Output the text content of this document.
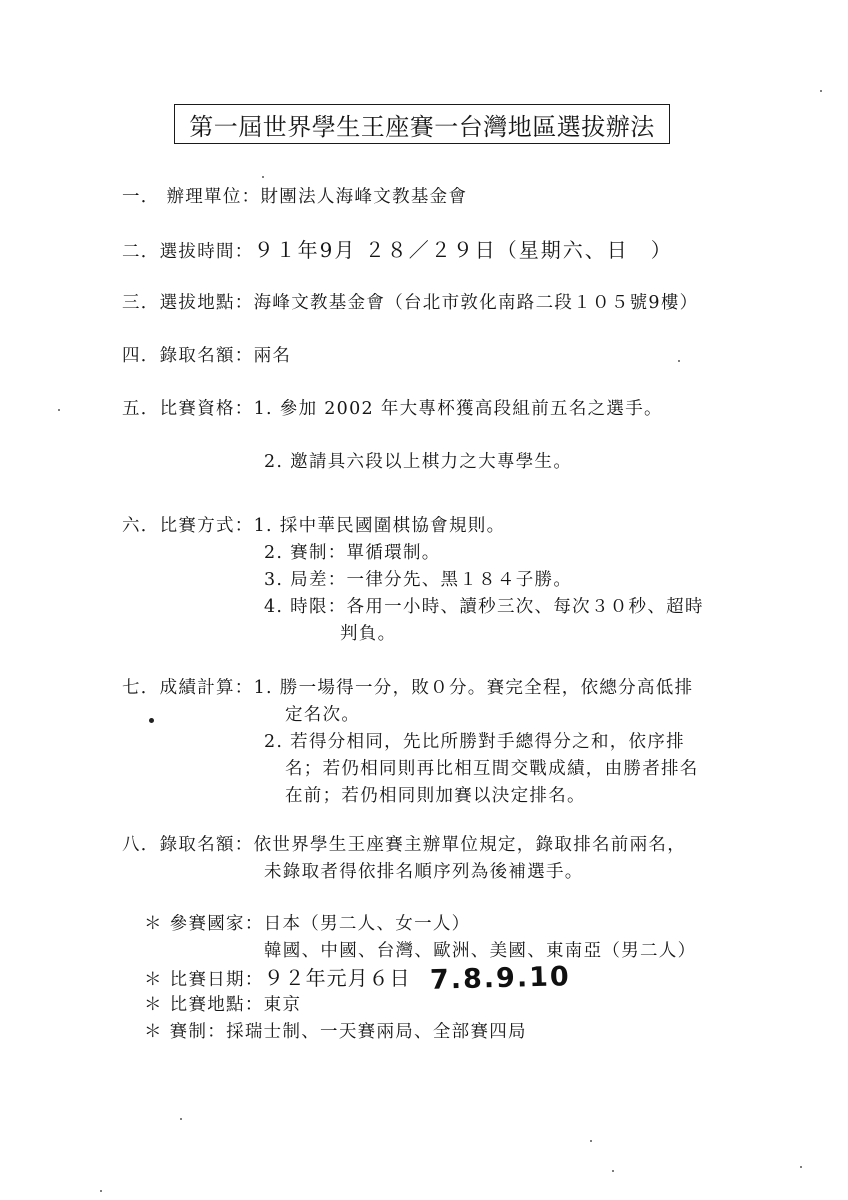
第一屆世界學生王座賽一台灣地區選拔辦法
一． 辦理單位：財團法人海峰文教基金會
二．選拔時間：９１年9月 ２８／２９日（星期六、日　）
三．選拔地點：海峰文教基金會（台北市敦化南路二段１０５號9樓）
四．錄取名額：兩名
五．比賽資格：1. 參加 2002 年大專杯獲高段組前五名之選手。
2. 邀請具六段以上棋力之大專學生。
六．比賽方式：1. 採中華民國圍棋協會規則。
2. 賽制：單循環制。
3. 局差：一律分先、黑１８４子勝。
4. 時限：各用一小時、讀秒三次、每次３０秒、超時
判負。
七．成績計算：1. 勝一場得一分，敗０分。賽完全程，依總分高低排
定名次。
2. 若得分相同，先比所勝對手總得分之和，依序排
名；若仍相同則再比相互間交戰成績，由勝者排名
在前；若仍相同則加賽以決定排名。
八．錄取名額：依世界學生王座賽主辦單位規定，錄取排名前兩名，
未錄取者得依排名順序列為後補選手。
＊ 參賽國家：日本（男二人、女一人）
韓國、中國、台灣、歐洲、美國、東南亞（男二人）
＊ 比賽日期：９２年元月６日 7.8.9.10
＊ 比賽地點：東京
＊ 賽制：採瑞士制、一天賽兩局、全部賽四局
